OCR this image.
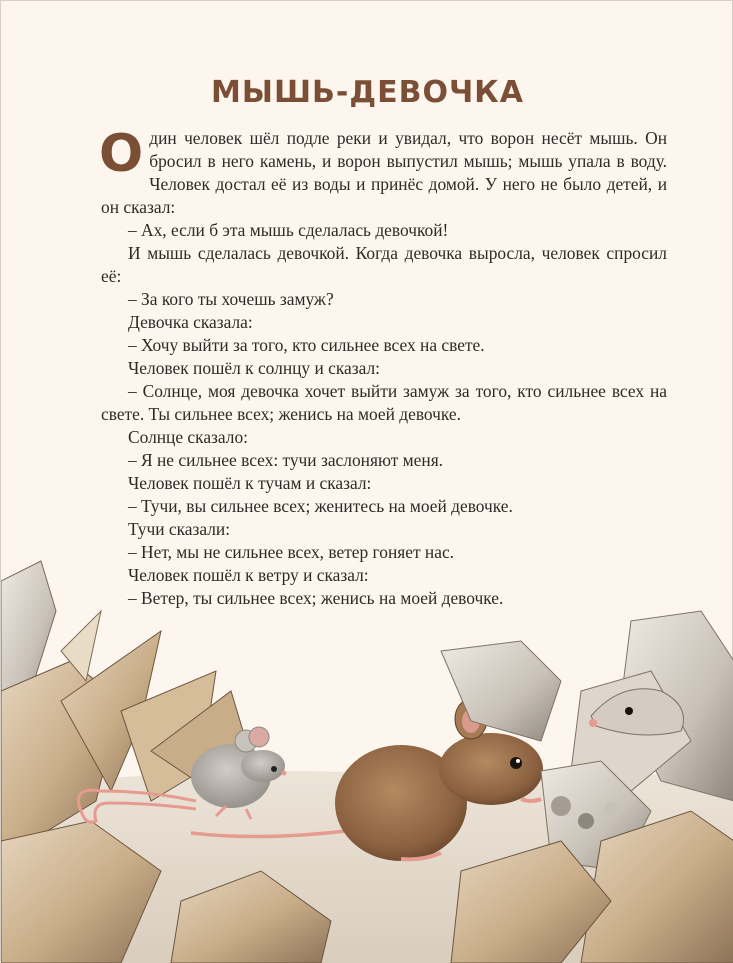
МЫШЬ-ДЕВОЧКА

Один человек шёл подле реки и увидал, что ворон несёт мышь. Он бросил в него камень, и ворон выпустил мышь; мышь упала в воду. Человек достал её из воды и принёс домой. У него не было детей, и он сказал:

– Ах, если б эта мышь сделалась девочкой!

И мышь сделалась девочкой. Когда девочка выросла, человек спросил её:

– За кого ты хочешь замуж?

Девочка сказала:

– Хочу выйти за того, кто сильнее всех на свете.

Человек пошёл к солнцу и сказал:

– Солнце, моя девочка хочет выйти замуж за того, кто сильнее всех на свете. Ты сильнее всех; женись на моей девочке.

Солнце сказало:

– Я не сильнее всех: тучи заслоняют меня.

Человек пошёл к тучам и сказал:

– Тучи, вы сильнее всех; женитесь на моей девочке.

Тучи сказали:

– Нет, мы не сильнее всех, ветер гоняет нас.

Человек пошёл к ветру и сказал:

– Ветер, ты сильнее всех; женись на моей девочке.
